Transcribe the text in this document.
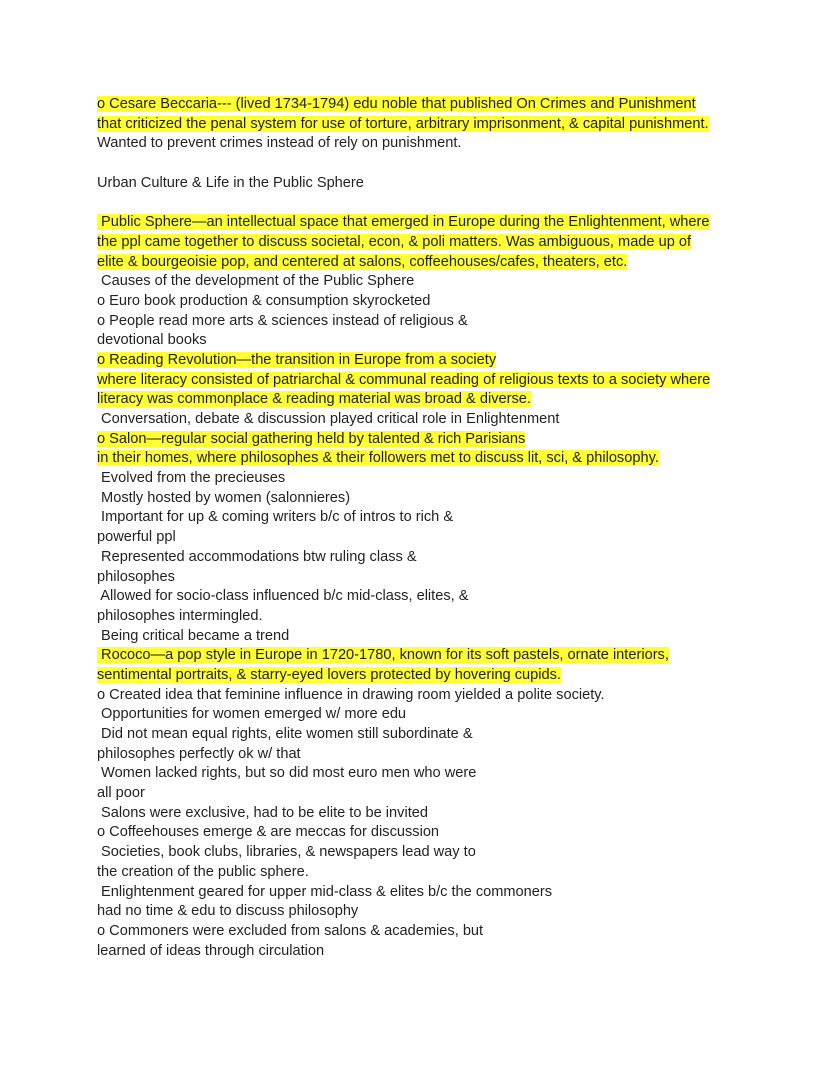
o Cesare Beccaria--- (lived 1734-1794) edu noble that published On Crimes and Punishment
that criticized the penal system for use of torture, arbitrary imprisonment, & capital punishment.
Wanted to prevent crimes instead of rely on punishment.
Urban Culture & Life in the Public Sphere
Public Sphere—an intellectual space that emerged in Europe during the Enlightenment, where
the ppl came together to discuss societal, econ, & poli matters. Was ambiguous, made up of
elite & bourgeoisie pop, and centered at salons, coffeehouses/cafes, theaters, etc.
Causes of the development of the Public Sphere
o Euro book production & consumption skyrocketed
o People read more arts & sciences instead of religious &
devotional books
o Reading Revolution—the transition in Europe from a society
where literacy consisted of patriarchal & communal reading of religious texts to a society where
literacy was commonplace & reading material was broad & diverse.
Conversation, debate & discussion played critical role in Enlightenment
o Salon—regular social gathering held by talented & rich Parisians
in their homes, where philosophes & their followers met to discuss lit, sci, & philosophy.
Evolved from the precieuses
Mostly hosted by women (salonnieres)
Important for up & coming writers b/c of intros to rich &
powerful ppl
Represented accommodations btw ruling class &
philosophes
Allowed for socio-class influenced b/c mid-class, elites, &
philosophes intermingled.
Being critical became a trend
Rococo—a pop style in Europe in 1720-1780, known for its soft pastels, ornate interiors,
sentimental portraits, & starry-eyed lovers protected by hovering cupids.
o Created idea that feminine influence in drawing room yielded a polite society.
Opportunities for women emerged w/ more edu
Did not mean equal rights, elite women still subordinate &
philosophes perfectly ok w/ that
Women lacked rights, but so did most euro men who were
all poor
Salons were exclusive, had to be elite to be invited
o Coffeehouses emerge & are meccas for discussion
Societies, book clubs, libraries, & newspapers lead way to
the creation of the public sphere.
Enlightenment geared for upper mid-class & elites b/c the commoners
had no time & edu to discuss philosophy
o Commoners were excluded from salons & academies, but
learned of ideas through circulation
